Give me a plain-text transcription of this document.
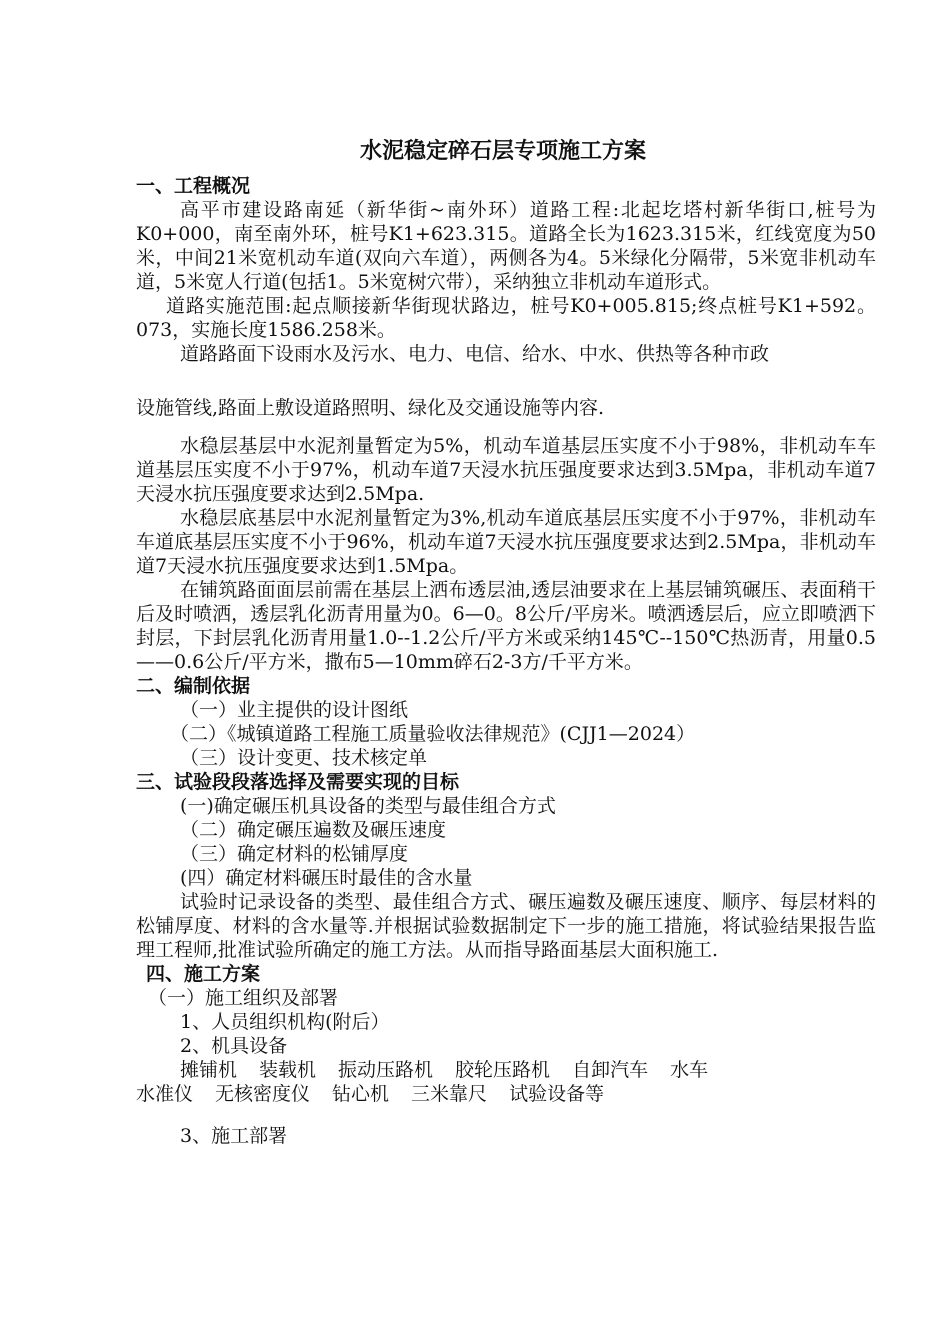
水泥稳定碎石层专项施工方案
一、工程概况
高平市建设路南延（新华街~南外环）道路工程:北起圪塔村新华街口,桩号为K0+000，南至南外环，桩号K1+623.315。道路全长为1623.315米，红线宽度为50米，中间21米宽机动车道(双向六车道），两侧各为4。5米绿化分隔带，5米宽非机动车道，5米宽人行道(包括1。5米宽树穴带），采纳独立非机动车道形式。
道路实施范围:起点顺接新华街现状路边，桩号K0+005.815;终点桩号K1+592。073，实施长度1586.258米。
道路路面下设雨水及污水、电力、电信、给水、中水、供热等各种市政
设施管线,路面上敷设道路照明、绿化及交通设施等内容.
水稳层基层中水泥剂量暂定为5%，机动车道基层压实度不小于98%，非机动车车道基层压实度不小于97%，机动车道7天浸水抗压强度要求达到3.5Mpa，非机动车道7天浸水抗压强度要求达到2.5Mpa.
水稳层底基层中水泥剂量暂定为3%,机动车道底基层压实度不小于97%，非机动车车道底基层压实度不小于96%，机动车道7天浸水抗压强度要求达到2.5Mpa，非机动车道7天浸水抗压强度要求达到1.5Mpa。
在铺筑路面面层前需在基层上洒布透层油,透层油要求在上基层铺筑碾压、表面稍干后及时喷洒，透层乳化沥青用量为0。6—0。8公斤/平房米。喷洒透层后，应立即喷洒下封层，下封层乳化沥青用量1.0--1.2公斤/平方米或采纳145℃--150℃热沥青，用量0.5——0.6公斤/平方米，撒布5—10mm碎石2-3方/千平方米。
二、编制依据
（一）业主提供的设计图纸
（二）《城镇道路工程施工质量验收法律规范》(CJJ1—2024）
（三）设计变更、技术核定单
三、试验段段落选择及需要实现的目标
(一)确定碾压机具设备的类型与最佳组合方式
（二）确定碾压遍数及碾压速度
（三）确定材料的松铺厚度
(四）确定材料碾压时最佳的含水量
试验时记录设备的类型、最佳组合方式、碾压遍数及碾压速度、顺序、每层材料的松铺厚度、材料的含水量等.并根据试验数据制定下一步的施工措施，将试验结果报告监理工程师,批准试验所确定的施工方法。从而指导路面基层大面积施工.
四、施工方案
（一）施工组织及部署
1、人员组织机构(附后）
2、机具设备
摊铺机 装载机 振动压路机 胶轮压路机 自卸汽车 水车
水准仪 无核密度仪 钻心机 三米靠尺 试验设备等
3、施工部署
